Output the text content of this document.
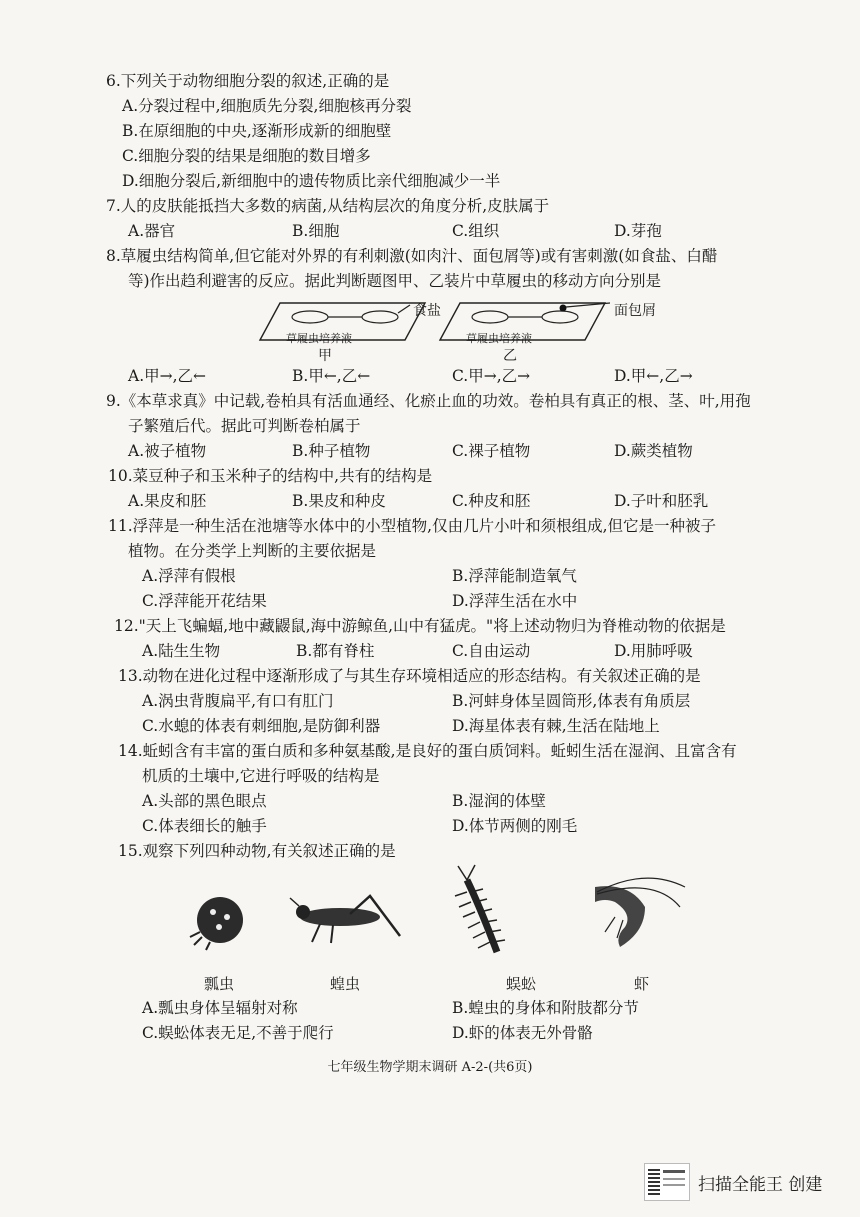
6.下列关于动物细胞分裂的叙述,正确的是
A.分裂过程中,细胞质先分裂,细胞核再分裂
B.在原细胞的中央,逐渐形成新的细胞壁
C.细胞分裂的结果是细胞的数目增多
D.细胞分裂后,新细胞中的遗传物质比亲代细胞减少一半
7.人的皮肤能抵挡大多数的病菌,从结构层次的角度分析,皮肤属于
A.器官	B.细胞	C.组织	D.芽孢
8.草履虫结构简单,但它能对外界的有利刺激(如肉汁、面包屑等)或有害刺激(如食盐、白醋
等)作出趋利避害的反应。据此判断题图甲、乙装片中草履虫的移动方向分别是
草履虫培养液	草履虫培养液
食盐	面包屑
甲	乙
A.甲→,乙←	B.甲←,乙←	C.甲→,乙→	D.甲←,乙→
9.《本草求真》中记载,卷柏具有活血通经、化瘀止血的功效。卷柏具有真正的根、茎、叶,用孢
子繁殖后代。据此可判断卷柏属于
A.被子植物	B.种子植物	C.裸子植物	D.蕨类植物
10.菜豆种子和玉米种子的结构中,共有的结构是
A.果皮和胚	B.果皮和种皮	C.种皮和胚	D.子叶和胚乳
11.浮萍是一种生活在池塘等水体中的小型植物,仅由几片小叶和须根组成,但它是一种被子
植物。在分类学上判断的主要依据是
A.浮萍有假根	B.浮萍能制造氧气
C.浮萍能开花结果	D.浮萍生活在水中
12."天上飞蝙蝠,地中藏鼹鼠,海中游鲸鱼,山中有猛虎。"将上述动物归为脊椎动物的依据是
A.陆生生物	B.都有脊柱	C.自由运动	D.用肺呼吸
13.动物在进化过程中逐渐形成了与其生存环境相适应的形态结构。有关叙述正确的是
A.涡虫背腹扁平,有口有肛门	B.河蚌身体呈圆筒形,体表有角质层
C.水螅的体表有刺细胞,是防御利器	D.海星体表有棘,生活在陆地上
14.蚯蚓含有丰富的蛋白质和多种氨基酸,是良好的蛋白质饲料。蚯蚓生活在湿润、且富含有
机质的土壤中,它进行呼吸的结构是
A.头部的黑色眼点	B.湿润的体壁
C.体表细长的触手	D.体节两侧的刚毛
15.观察下列四种动物,有关叙述正确的是
瓢虫	蝗虫	蜈蚣	虾
A.瓢虫身体呈辐射对称	B.蝗虫的身体和附肢都分节
C.蜈蚣体表无足,不善于爬行	D.虾的体表无外骨骼
七年级生物学期末调研 A-2-(共6页)
扫描全能王 创建
